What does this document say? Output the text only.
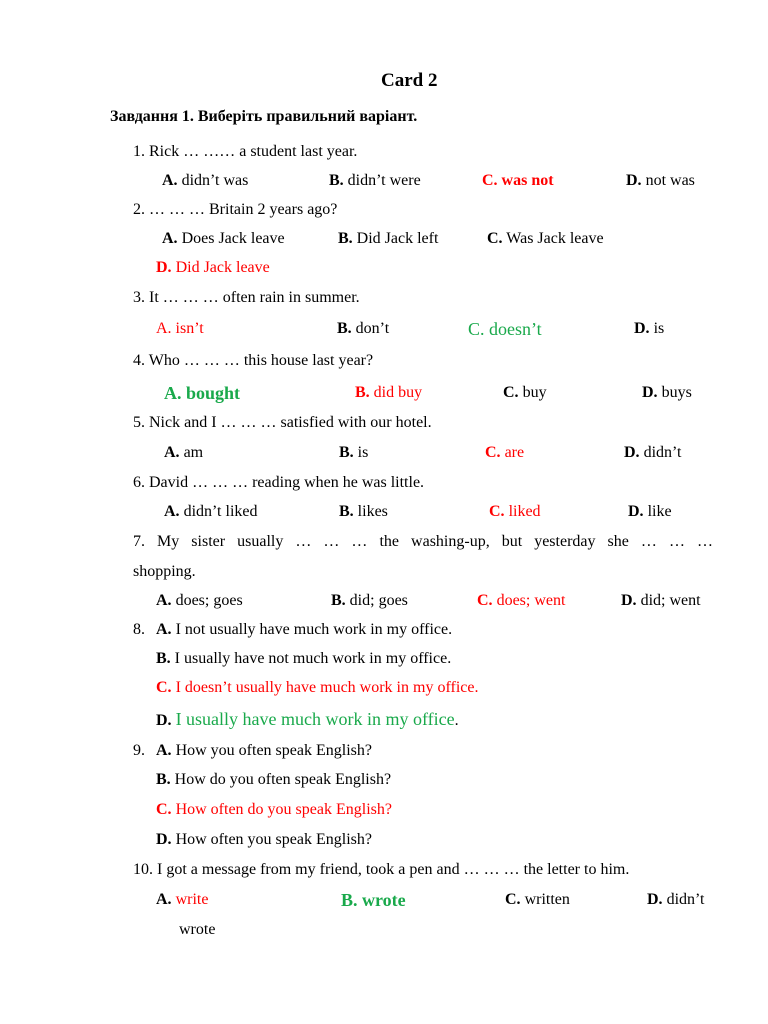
Card 2
Завдання 1. Виберіть правильний варіант.
1. Rick … …… a student last year.
A. didn’t was	B. didn’t were	C. was not	D. not was
2. … … … Britain 2 years ago?
A. Does Jack leave	B. Did Jack left	C. Was Jack leave
D. Did Jack leave
3. It … … … often rain in summer.
A. isn’t	B. don’t	C. doesn’t	D. is
4. Who … … … this house last year?
A. bought	B. did buy	C. buy	D. buys
5. Nick and I … … … satisfied with our hotel.
A. am	B. is	C. are	D. didn’t
6. David … … … reading when he was little.
A. didn’t liked	B. likes	C. liked	D. like
7. My sister usually … … … the washing-up, but yesterday she … … …
shopping.
A. does; goes	B. did; goes	C. does; went	D. did; went
8. A. I not usually have much work in my office.
B. I usually have not much work in my office.
C. I doesn’t usually have much work in my office.
D. I usually have much work in my office.
9. A. How you often speak English?
B. How do you often speak English?
C. How often do you speak English?
D. How often you speak English?
10. I got a message from my friend, took a pen and … … … the letter to him.
A. write	B. wrote	C. written	D. didn’t
wrote
